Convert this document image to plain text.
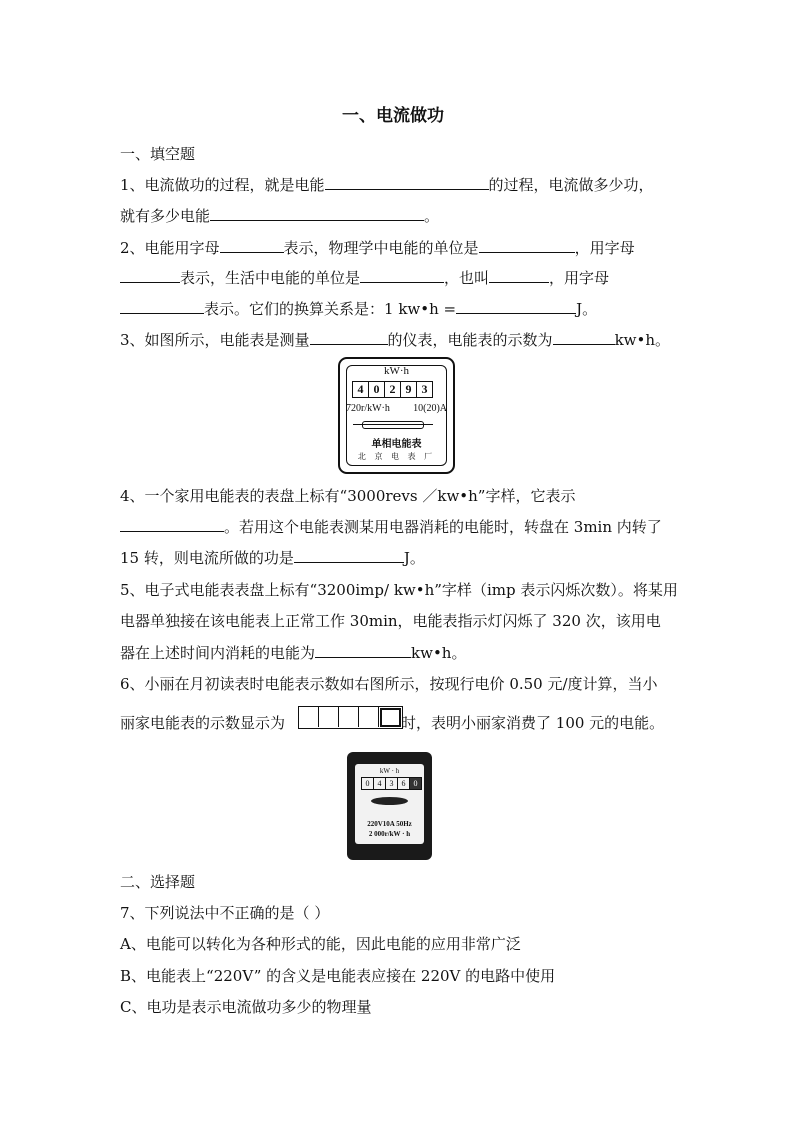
一、电流做功
一、填空题
1、电流做功的过程，就是电能	的过程，电流做多少功，
就有多少电能	。
2、电能用字母	表示，物理学中电能的单位是	，用字母
表示，生活中电能的单位是	，也叫	，用字母
表示。它们的换算关系是：1 kw•h =	J。
3、如图所示，电能表是测量	的仪表，电能表的示数为	kw•h。
kW·h
4 0 2 9 3
720r/kW·h 10(20)A
单相电能表
北 京 电 表 厂
4、一个家用电能表的表盘上标有“3000revs ／kw•h”字样，它表示
。若用这个电能表测某用电器消耗的电能时，转盘在 3min 内转了
15 转，则电流所做的功是	J。
5、电子式电能表表盘上标有“3200imp/ kw•h”字样（imp 表示闪烁次数）。将某用
电器单独接在该电能表上正常工作 30min，电能表指示灯闪烁了 320 次，该用电
器在上述时间内消耗的电能为	kw•h。
6、小丽在月初读表时电能表示数如右图所示，按现行电价 0.50 元/度计算，当小
丽家电能表的示数显示为	时，表明小丽家消费了 100 元的电能。
kW · h
0	4	3	6	0
220V10A 50Hz
2 000r/kW · h
二、选择题
7、下列说法中不正确的是（ ）
A、电能可以转化为各种形式的能，因此电能的应用非常广泛
B、电能表上“220V” 的含义是电能表应接在 220V 的电路中使用
C、电功是表示电流做功多少的物理量
